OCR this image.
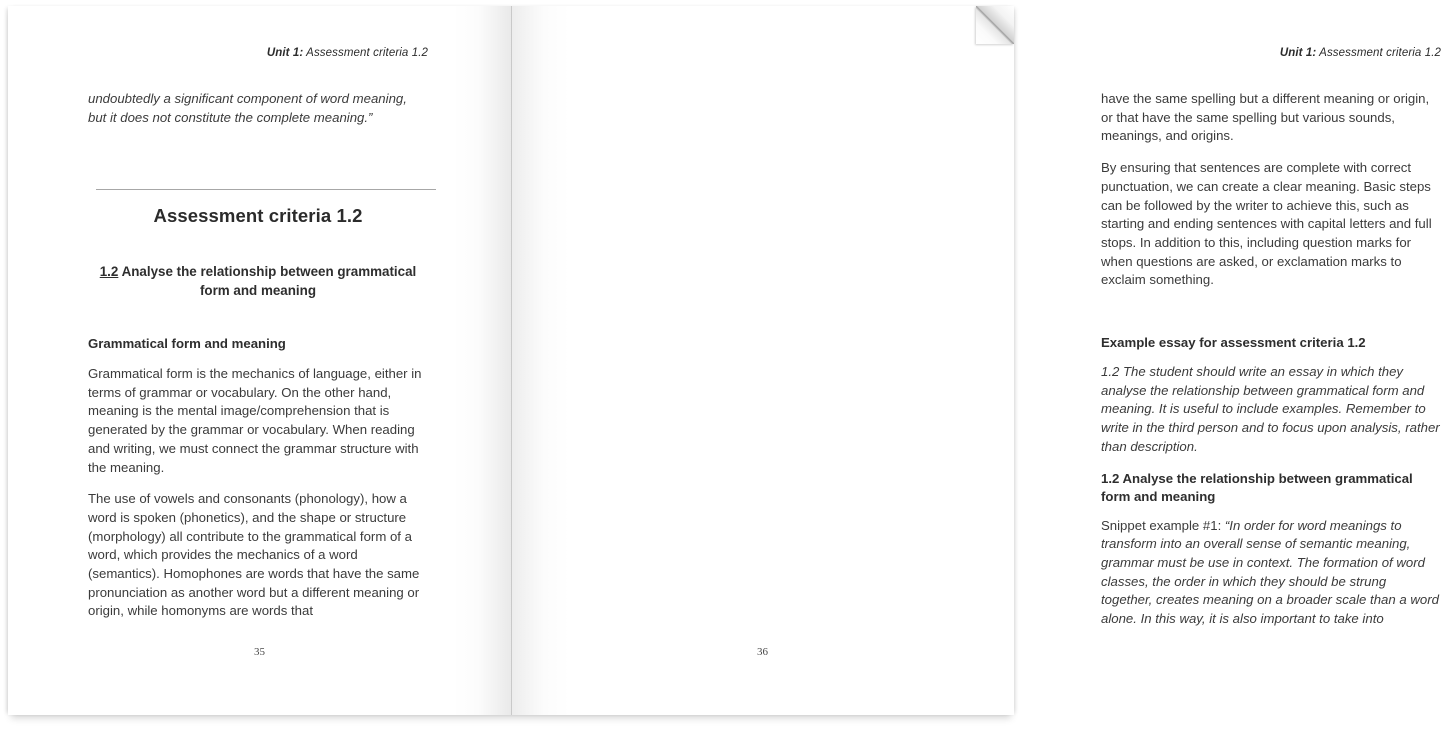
Unit 1: Assessment criteria 1.2

undoubtedly a significant component of word meaning, but it does not constitute the complete meaning.”

Assessment criteria 1.2
1.2 Analyse the relationship between grammatical form and meaning
Grammatical form and meaning

Grammatical form is the mechanics of language, either in terms of grammar or vocabulary. On the other hand, meaning is the mental image/comprehension that is generated by the grammar or vocabulary. When reading and writing, we must connect the grammar structure with the meaning.

The use of vowels and consonants (phonology), how a word is spoken (phonetics), and the shape or structure (morphology) all contribute to the grammatical form of a word, which provides the mechanics of a word (semantics). Homophones are words that have the same pronunciation as another word but a different meaning or origin, while homonyms are words that

35
Unit 1: Assessment criteria 1.2

have the same spelling but a different meaning or origin, or that have the same spelling but various sounds, meanings, and origins.

By ensuring that sentences are complete with correct punctuation, we can create a clear meaning. Basic steps can be followed by the writer to achieve this, such as starting and ending sentences with capital letters and full stops. In addition to this, including question marks for when questions are asked, or exclamation marks to exclaim something.

Example essay for assessment criteria 1.2

1.2 The student should write an essay in which they analyse the relationship between grammatical form and meaning. It is useful to include examples. Remember to write in the third person and to focus upon analysis, rather than description.

1.2 Analyse the relationship between grammatical form and meaning

Snippet example #1: “In order for word meanings to transform into an overall sense of semantic meaning, grammar must be use in context. The formation of word classes, the order in which they should be strung together, creates meaning on a broader scale than a word alone. In this way, it is also important to take into

36
